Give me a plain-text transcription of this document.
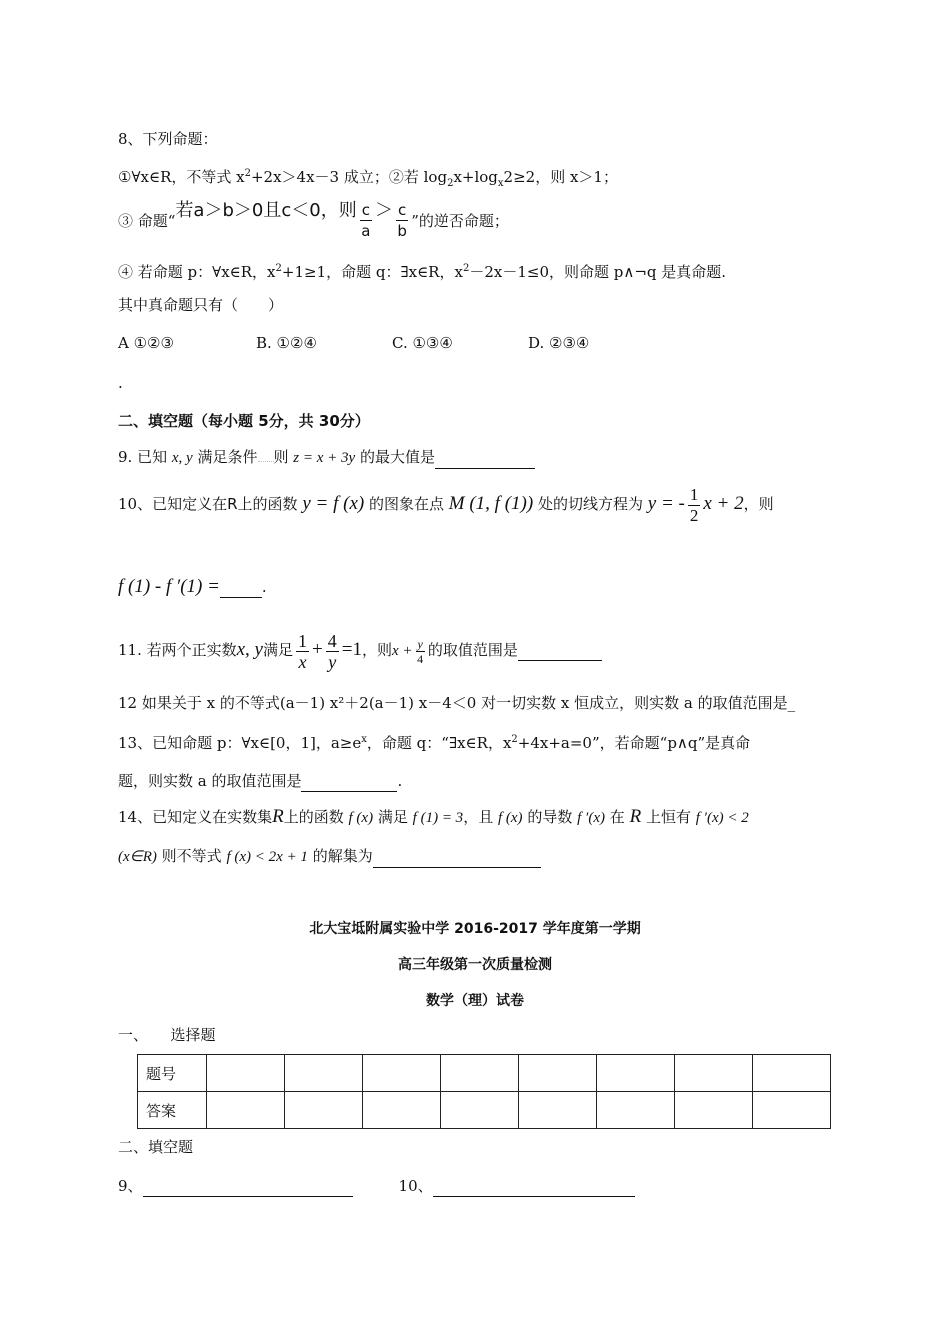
8、下列命题：
①∀x∈R，不等式 $x^2+2x>4x-3$ 成立；②若 $\log_2x+\log_x2\ge 2$，则 x＞1；
③ 命题“若a＞b＞0且c＜0，则 $\frac{c}{a} > \frac{c}{b}$ ”的逆否命题；
④ 若命题 p：∀x∈R，$x^2+1\ge 1$，命题 q：∃x∈R，$x^2-2x-1\le 0$，则命题 p∧¬q 是真命题.
其中真命题只有（　　）
A ①②③	B. ①②④	C. ①③④	D. ②③④
.
二、填空题（每小题 5分，共 30分）
9. 已知 x, y 满足条件 则 z = x + 3y 的最大值是
10、已知定义在R上的函数 y = f (x) 的图象在点 M (1, f (1)) 处的切线方程为 y = - $\frac{1}{2}$ x + 2，则
f (1) - f ′(1) =	.
11. 若两个正实数x, y满足 $\frac{1}{x} + \frac{4}{y} =1$，则$x + \frac{y}{4}$ 的取值范围是
12 如果关于 x 的不等式(a－1) x²＋2(a－1) x－4＜0 对一切实数 x 恒成立，则实数 a 的取值范围是_
13、已知命题 p：∀x∈[0，1]，$a\ge e^x$，命题 q：“∃x∈R，$x^2+4x+a=0$”，若命题“p∧q”是真命
题，则实数 a 的取值范围是	.
14、已知定义在实数集R上的函数 f (x) 满足 f (1) = 3，且 f (x) 的导数 f ′(x) 在 R 上恒有 f ′(x) < 2
(x∈R) 则不等式 f (x) < 2x + 1 的解集为
北大宝坻附属实验中学 2016-2017 学年度第一学期
高三年级第一次质量检测
数学（理）试卷
一、　　选择题
题号								
答案								
二、填空题
9、	10、
